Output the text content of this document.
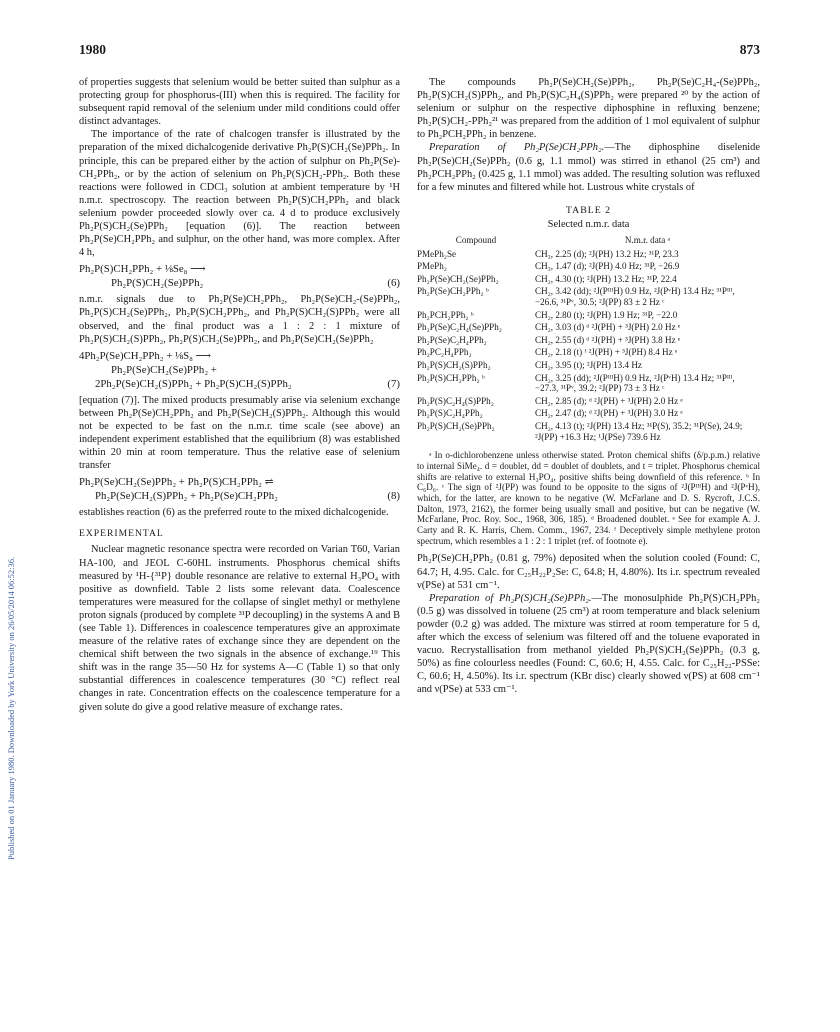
Published on 01 January 1980. Downloaded by York University on 26/05/2014 06:52:36.
1980	873

of properties suggests that selenium would be better suited than sulphur as a protecting group for phosphorus-(III) when this is required. The facility for subsequent rapid removal of the selenium under mild conditions could offer distinct advantages.

The importance of the rate of chalcogen transfer is illustrated by the preparation of the mixed dichalcogenide derivative Ph₂P(S)CH₂(Se)PPh₂. In principle, this can be prepared either by the action of sulphur on Ph₂P(Se)-CH₂PPh₂, or by the action of selenium on Ph₂P(S)CH₂-PPh₂. Both these reactions were followed in CDCl₃ solution at ambient temperature by ¹H n.m.r. spectroscopy. The reaction between Ph₂P(S)CH₂PPh₂ and black selenium powder proceeded slowly over ca. 4 d to produce exclusively Ph₂P(S)CH₂(Se)PPh₂ [equation (6)]. The reaction between Ph₂P(Se)CH₂PPh₂ and sulphur, on the other hand, was more complex. After 4 h,

Ph₂P(S)CH₂PPh₂ + ⅛Se₈ ⟶
Ph₂P(S)CH₂(Se)PPh₂	(6)

n.m.r. signals due to Ph₂P(Se)CH₂PPh₂, Ph₂P(Se)CH₂-(Se)PPh₂, Ph₂P(S)CH₂(Se)PPh₂, Ph₂P(S)CH₂PPh₂, and Ph₂P(S)CH₂(S)PPh₂ were all observed, and the final product was a 1 : 2 : 1 mixture of Ph₂P(S)CH₂(S)PPh₂, Ph₂P(S)CH₂(Se)PPh₂, and Ph₂P(Se)CH₂(Se)PPh₂

4Ph₂P(Se)CH₂PPh₂ + ⅛S₈ ⟶
Ph₂P(Se)CH₂(Se)PPh₂ +
2Ph₂P(Se)CH₂(S)PPh₂ + Ph₂P(S)CH₂(S)PPh₂	(7)

[equation (7)]. The mixed products presumably arise via selenium exchange between Ph₂P(Se)CH₂PPh₂ and Ph₂P(Se)CH₂(S)PPh₂. Although this would not be expected to be fast on the n.m.r. time scale (see above) an independent experiment established that the equilibrium (8) was established within 20 min at room temperature. Thus the relative ease of selenium transfer

Ph₂P(Se)CH₂(Se)PPh₂ + Ph₂P(S)CH₂PPh₂ ⇌
Ph₂P(Se)CH₂(S)PPh₂ + Ph₂P(Se)CH₂PPh₂	(8)

establishes reaction (6) as the preferred route to the mixed dichalcogenide.

EXPERIMENTAL

Nuclear magnetic resonance spectra were recorded on Varian T60, Varian HA-100, and JEOL C-60HL instruments. Phosphorus chemical shifts measured by ¹H-{³¹P} double resonance are relative to external H₃PO₄ with positive as downfield. Table 2 lists some relevant data. Coalescence temperatures were measured for the collapse of singlet methyl or methylene proton signals (produced by complete ³¹P decoupling) in the systems A and B (see Table 1). Differences in coalescence temperatures give an approximate measure of the relative rates of exchange since they are dependent on the chemical shift between the two signals in the absence of exchange.¹⁹ This shift was in the range 35—50 Hz for systems A—C (Table 1) so that only substantial differences in coalescence temperatures (30 °C) reflect real changes in rate. Concentration effects on the coalescence temperature for a given solute do give a good relative measure of exchange rates.

The compounds Ph₂P(Se)CH₂(Se)PPh₂, Ph₂P(Se)C₂H₄-(Se)PPh₂, Ph₂P(S)CH₂(S)PPh₂, and Ph₂P(S)C₂H₄(S)PPh₂ were prepared ²⁰ by the action of selenium or sulphur on the respective diphosphine in refluxing benzene; Ph₂P(S)CH₂-PPh₂²¹ was prepared from the addition of 1 mol equivalent of sulphur to Ph₂PCH₂PPh₂ in benzene.

Preparation of Ph₂P(Se)CH₂PPh₂.—The diphosphine diselenide Ph₂P(Se)CH₂(Se)PPh₂ (0.6 g, 1.1 mmol) was stirred in ethanol (25 cm³) and Ph₂PCH₂PPh₂ (0.425 g, 1.1 mmol) was added. The resulting solution was refluxed for a few minutes and filtered while hot. Lustrous white crystals of

TABLE 2
Selected n.m.r. data
Compound	N.m.r. data ᵃ
PMePh₂Se	CH₃, 2.25 (d); ²J(PH) 13.2 Hz; ³¹P, 23.3
PMePh₂	CH₃, 1.47 (d); ²J(PH) 4.0 Hz; ³¹P, −26.9
Ph₂P(Se)CH₂(Se)PPh₂	CH₂, 4.30 (t); ²J(PH) 13.2 Hz; ³¹P, 22.4
Ph₂P(Se)CH₂PPh₂ ᵇ	CH₂, 3.42 (dd); ²J(PᴵᴵᴵH) 0.9 Hz, ²J(PᵛH) 13.4 Hz; ³¹Pᴵᴵᴵ, −26.6, ³¹Pᵛ, 30.5; ²J(PP) 83 ± 2 Hz ᶜ
Ph₂PCH₂PPh₂ ᵇ	CH₂, 2.80 (t); ²J(PH) 1.9 Hz; ³¹P, −22.0
Ph₂P(Se)C₂H₄(Se)PPh₂	CH₂, 3.03 (d) ᵈ ²J(PH) + ³J(PH) 2.0 Hz ᵉ
Ph₂P(Se)C₂H₄PPh₂	CH₂, 2.55 (d) ᵈ ²J(PH) + ³J(PH) 3.8 Hz ᵉ
Ph₂PC₂H₄PPh₂	CH₂, 2.18 (t) ᶠ ²J(PH) + ³J(PH) 8.4 Hz ᵉ
Ph₂P(S)CH₂(S)PPh₂	CH₂, 3.95 (t); ²J(PH) 13.4 Hz
Ph₂P(S)CH₂PPh₂ ᵇ	CH₂, 3.25 (dd); ²J(PᴵᴵᴵH) 0.9 Hz, ²J(PᵛH) 13.4 Hz; ³¹Pᴵᴵᴵ, −27.3, ³¹Pᵛ, 39.2; ²J(PP) 73 ± 3 Hz ᶜ
Ph₂P(S)C₂H₄(S)PPh₂	CH₂, 2.85 (d); ᵈ ²J(PH) + ³J(PH) 2.0 Hz ᵉ
Ph₂P(S)C₂H₄PPh₂	CH₂, 2.47 (d); ᵈ ²J(PH) + ³J(PH) 3.0 Hz ᵉ
Ph₂P(S)CH₂(Se)PPh₂	CH₂, 4.13 (t); ²J(PH) 13.4 Hz; ³¹P(S), 35.2; ³¹P(Se), 24.9; ²J(PP) +16.3 Hz; ¹J(PSe) 739.6 Hz

ᵃ In o-dichlorobenzene unless otherwise stated. Proton chemical shifts (δ/p.p.m.) relative to internal SiMe₄. d = doublet, dd = doublet of doublets, and t = triplet. Phosphorus chemical shifts are relative to external H₃PO₄, positive shifts being downfield of this reference. ᵇ In C₆D₆. ᶜ The sign of ²J(PP) was found to be opposite to the signs of ²J(PᴵᴵᴵH) and ²J(PᵛH), which, for the latter, are known to be negative (W. McFarlane and D. S. Rycroft, J.C.S. Dalton, 1973, 2162), the former being usually small and positive, but can be negative (W. McFarlane, Proc. Roy. Soc., 1968, 306, 185). ᵈ Broadened doublet. ᵉ See for example A. J. Carty and R. K. Harris, Chem. Comm., 1967, 234. ᶠ Deceptively simple methylene proton spectrum, which resembles a 1 : 2 : 1 triplet (ref. of footnote e).

Ph₂P(Se)CH₂PPh₂ (0.81 g, 79%) deposited when the solution cooled (Found: C, 64.7; H, 4.95. Calc. for C₂₅H₂₂P₂Se: C, 64.8; H, 4.80%). Its i.r. spectrum revealed ν(PSe) at 531 cm⁻¹.

Preparation of Ph₂P(S)CH₂(Se)PPh₂.—The monosulphide Ph₂P(S)CH₂PPh₂ (0.5 g) was dissolved in toluene (25 cm³) at room temperature and black selenium powder (0.2 g) was added. The mixture was stirred at room temperature for 5 d, after which the excess of selenium was filtered off and the toluene evaporated in vacuo. Recrystallisation from methanol yielded Ph₂P(S)CH₂(Se)PPh₂ (0.3 g, 50%) as fine colourless needles (Found: C, 60.6; H, 4.55. Calc. for C₂₅H₂₂-PSSe: C, 60.6; H, 4.50%). Its i.r. spectrum (KBr disc) clearly showed ν(PS) at 608 cm⁻¹ and ν(PSe) at 533 cm⁻¹.
